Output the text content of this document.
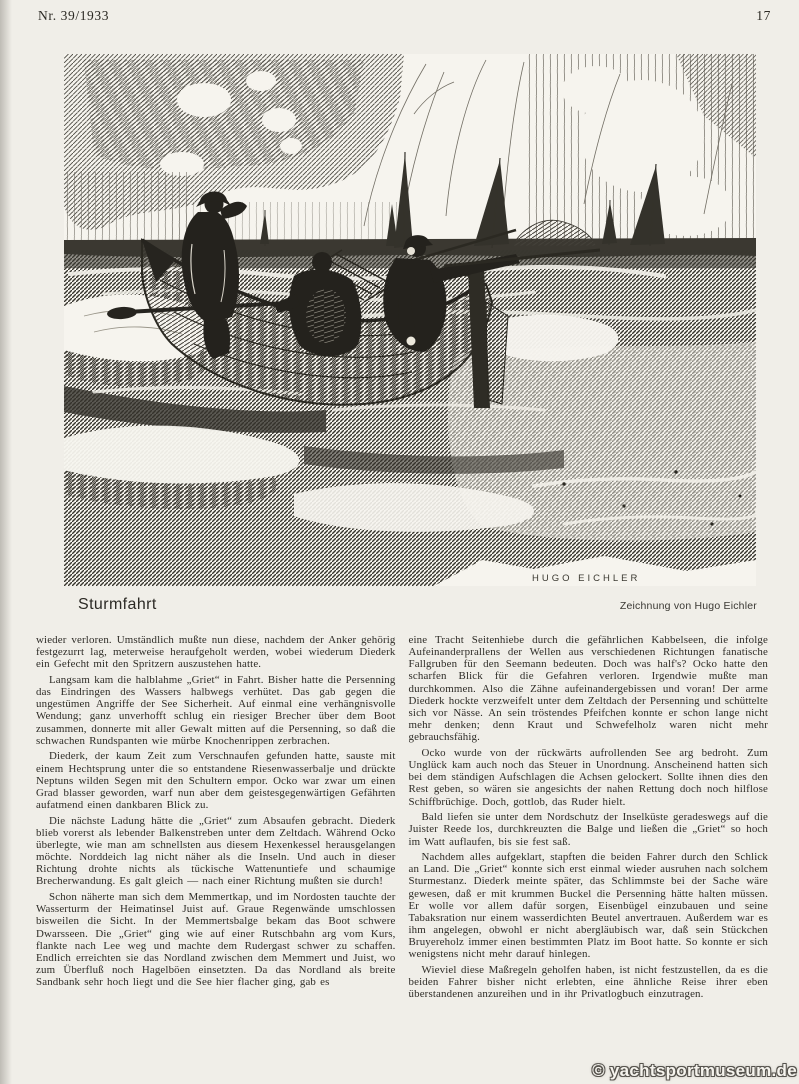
Nr. 39/1933	17
HUGO EICHLER
Sturmfahrt	Zeichnung von Hugo Eichler

wieder verloren. Umständlich mußte nun diese, nachdem der Anker gehörig festgezurrt lag, meterweise heraufgeholt werden, wobei wiederum Diederk ein Gefecht mit den Spritzern auszustehen hatte.

Langsam kam die halblahme „Griet“ in Fahrt. Bisher hatte die Persenning das Eindringen des Wassers halbwegs verhütet. Das gab gegen die ungestümen Angriffe der See Sicherheit. Auf einmal eine verhängnisvolle Wendung; ganz unverhofft schlug ein riesiger Brecher über dem Boot zusammen, donnerte mit aller Gewalt mitten auf die Persenning, so daß die schwachen Rundspanten wie mürbe Knochenrippen zerbrachen.

Diederk, der kaum Zeit zum Verschnaufen gefunden hatte, sauste mit einem Hechtsprung unter die so entstandene Riesenwasserbalje und drückte Neptuns wilden Segen mit den Schultern empor. Ocko war zwar um einen Grad blasser geworden, warf nun aber dem geistesgegenwärtigen Gefährten aufatmend einen dankbaren Blick zu.

Die nächste Ladung hätte die „Griet“ zum Absaufen gebracht. Diederk blieb vorerst als lebender Balkenstreben unter dem Zeltdach. Während Ocko überlegte, wie man am schnellsten aus diesem Hexenkessel herausgelangen möchte. Norddeich lag nicht näher als die Inseln. Und auch in dieser Richtung drohte nichts als tückische Wattenuntiefe und schaumige Brecherwandung. Es galt gleich — nach einer Richtung mußten sie durch!

Schon näherte man sich dem Memmertkap, und im Nordosten tauchte der Wasserturm der Heimatinsel Juist auf. Graue Regenwände umschlossen bisweilen die Sicht. In der Memmertsbalge bekam das Boot schwere Dwarsseen. Die „Griet“ ging wie auf einer Rutschbahn arg vom Kurs, flankte nach Lee weg und machte dem Rudergast schwer zu schaffen. Endlich erreichten sie das Nordland zwischen dem Memmert und Juist, wo zum Überfluß noch Hagelböen einsetzten. Da das Nordland als breite Sandbank sehr hoch liegt und die See hier flacher ging, gab es

eine Tracht Seitenhiebe durch die gefährlichen Kabbelseen, die infolge Aufeinanderprallens der Wellen aus verschiedenen Richtungen fanatische Fallgruben für den Seemann bedeuten. Doch was half's? Ocko hatte den scharfen Blick für die Gefahren verloren. Irgendwie mußte man durchkommen. Also die Zähne aufeinandergebissen und voran! Der arme Diederk hockte verzweifelt unter dem Zeltdach der Persenning und schüttelte sich vor Nässe. An sein tröstendes Pfeifchen konnte er schon lange nicht mehr denken; denn Kraut und Schwefelholz waren nicht mehr gebrauchsfähig.

Ocko wurde von der rückwärts aufrollenden See arg bedroht. Zum Unglück kam auch noch das Steuer in Unordnung. Anscheinend hatten sich bei dem ständigen Aufschlagen die Achsen gelockert. Sollte ihnen dies den Rest geben, so wären sie angesichts der nahen Rettung doch noch hilflose Schiffbrüchige. Doch, gottlob, das Ruder hielt.

Bald liefen sie unter dem Nordschutz der Inselküste geradeswegs auf die Juister Reede los, durchkreuzten die Balge und ließen die „Griet“ so hoch im Watt auflaufen, bis sie fest saß.

Nachdem alles aufgeklart, stapften die beiden Fahrer durch den Schlick an Land. Die „Griet“ konnte sich erst einmal wieder ausruhen nach solchem Sturmestanz. Diederk meinte später, das Schlimmste bei der Sache wäre gewesen, daß er mit krummen Buckel die Persenning hätte halten müssen. Er wolle vor allem dafür sorgen, Eisenbügel einzubauen und seine Tabaksration nur einem wasserdichten Beutel anvertrauen. Außerdem war es ihm angelegen, obwohl er nicht abergläubisch war, daß sein Stückchen Bruyereholz immer einen bestimmten Platz im Boot hatte. So konnte er sich wenigstens nicht mehr darauf hinlegen.

Wieviel diese Maßregeln geholfen haben, ist nicht festzustellen, da es die beiden Fahrer bisher nicht erlebten, eine ähnliche Reise ihrer eben überstandenen anzureihen und in ihr Privatlogbuch einzutragen.

© yachtsportmuseum.de
